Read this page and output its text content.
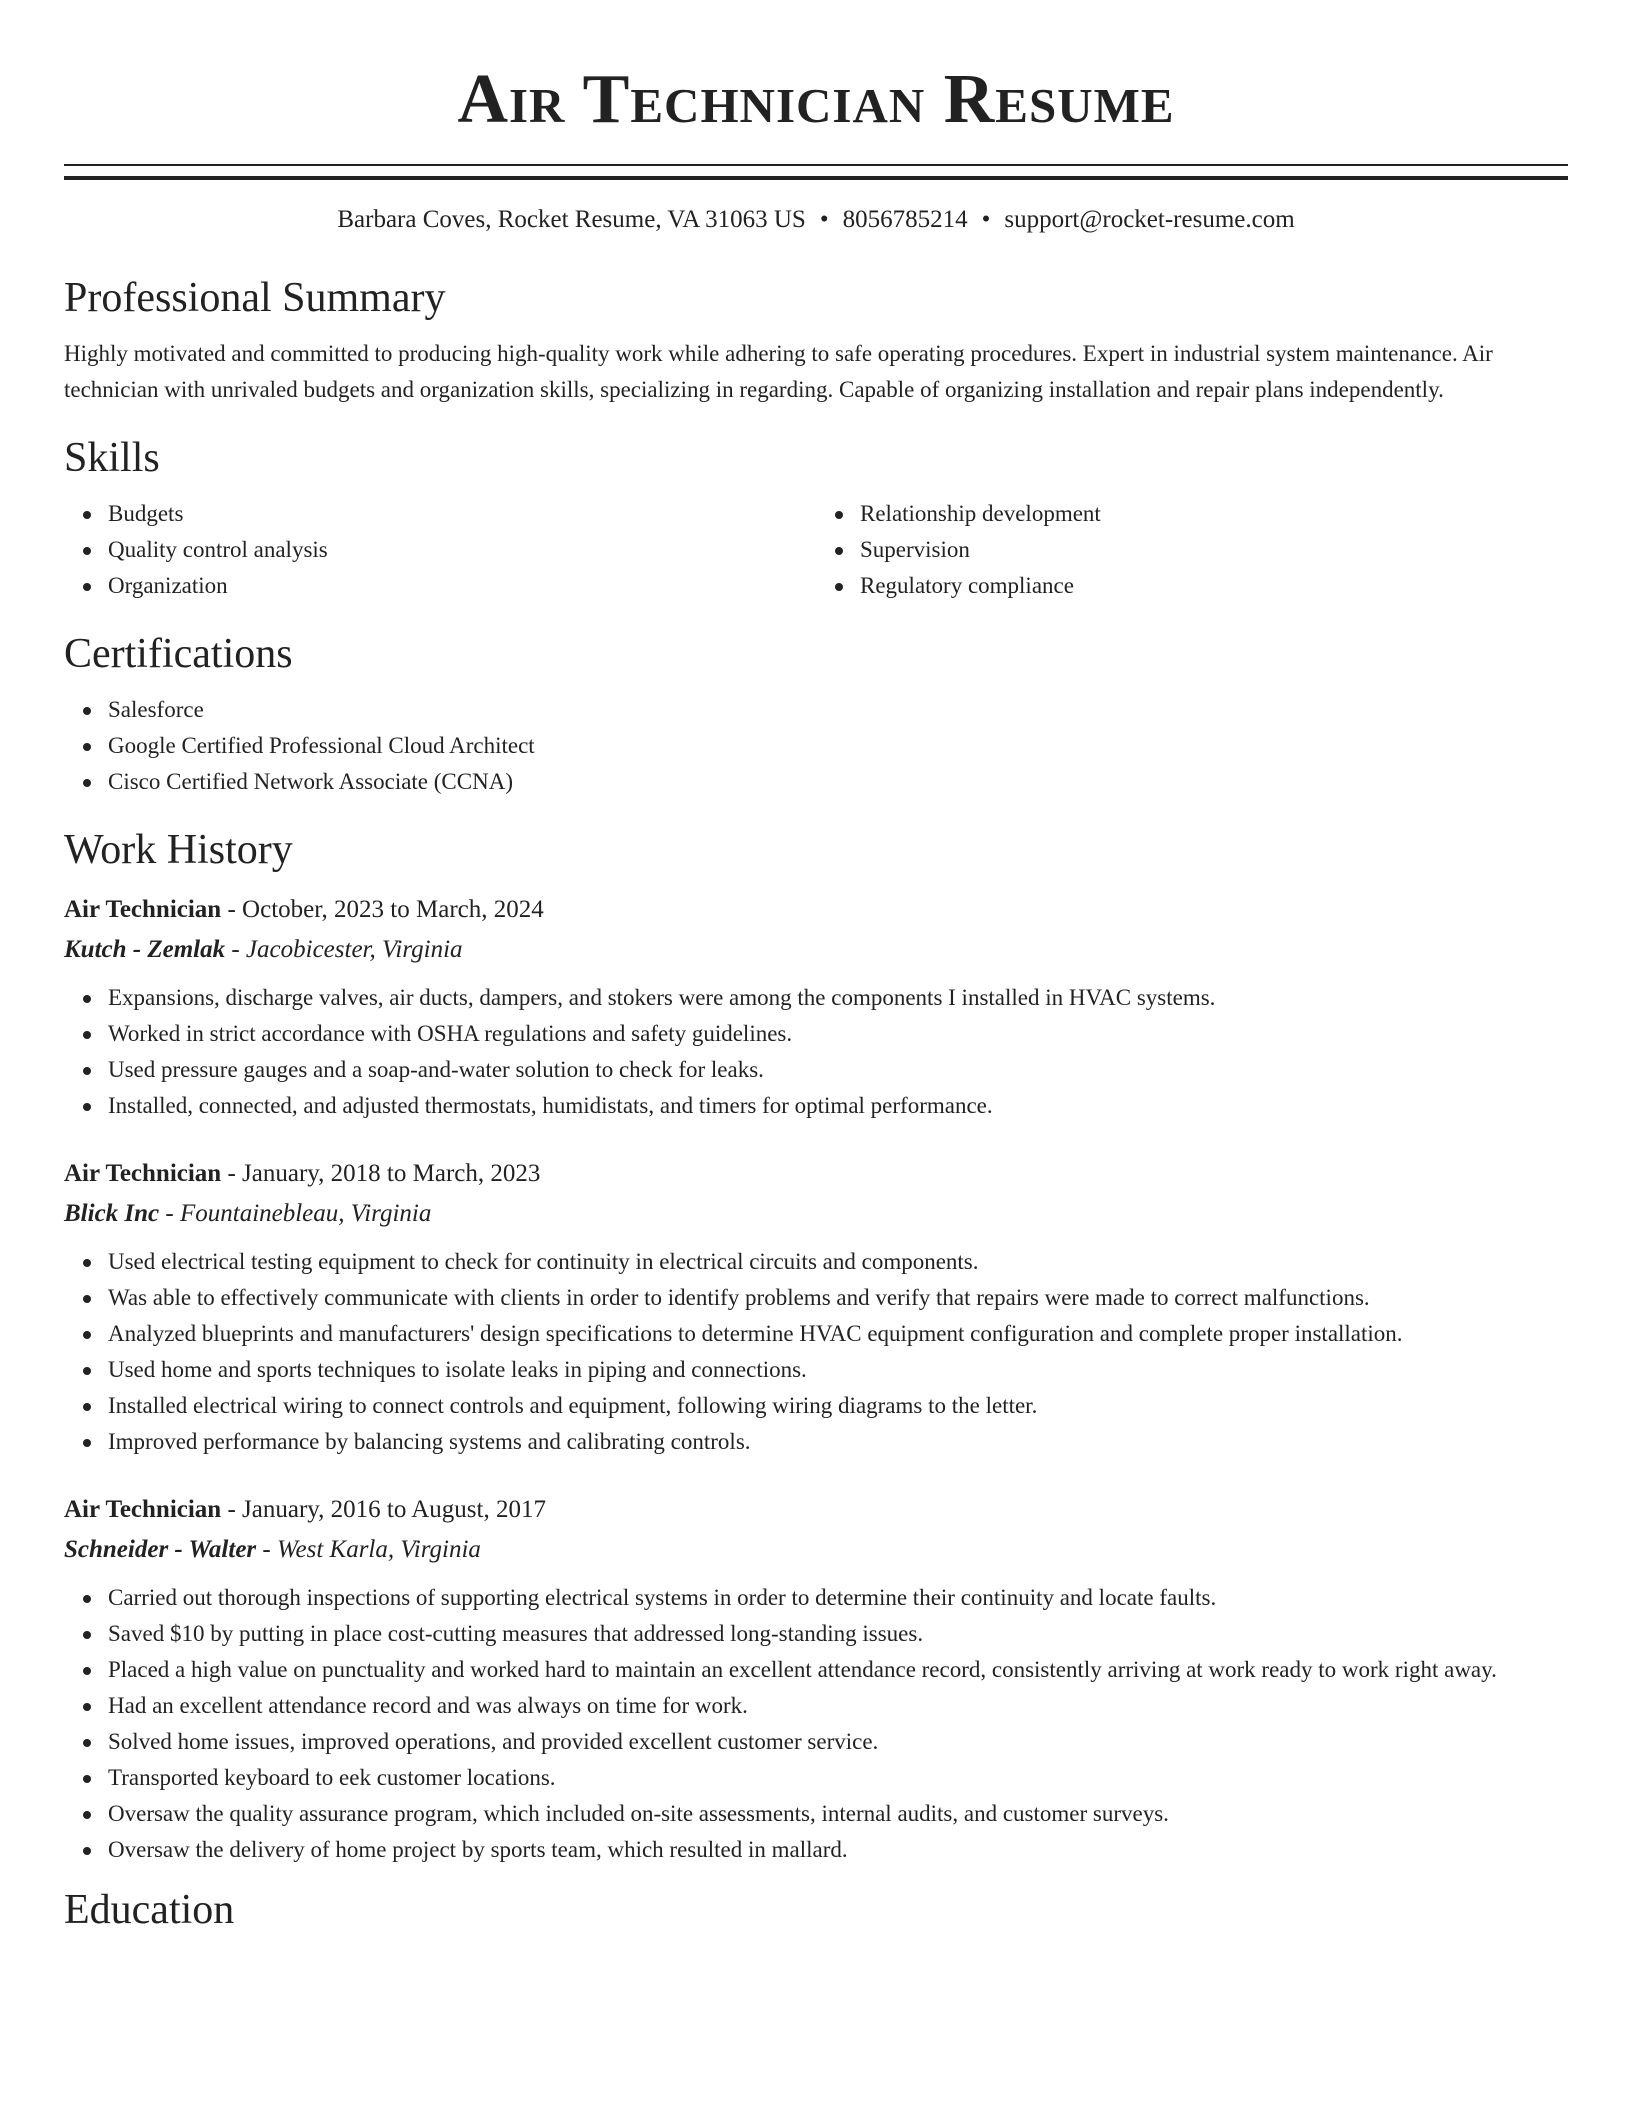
Air Technician Resume
Barbara Coves, Rocket Resume, VA 31063 US • 8056785214 • support@rocket-resume.com
Professional Summary

Highly motivated and committed to producing high-quality work while adhering to safe operating procedures. Expert in industrial system maintenance. Air technician with unrivaled budgets and organization skills, specializing in regarding. Capable of organizing installation and repair plans independently.

Skills
Budgets
Quality control analysis
Organization
Relationship development
Supervision
Regulatory compliance
Certifications
Salesforce
Google Certified Professional Cloud Architect
Cisco Certified Network Associate (CCNA)
Work History
Air Technician - October, 2023 to March, 2024
Kutch - Zemlak - Jacobicester, Virginia
Expansions, discharge valves, air ducts, dampers, and stokers were among the components I installed in HVAC systems.
Worked in strict accordance with OSHA regulations and safety guidelines.
Used pressure gauges and a soap-and-water solution to check for leaks.
Installed, connected, and adjusted thermostats, humidistats, and timers for optimal performance.
Air Technician - January, 2018 to March, 2023
Blick Inc - Fountainebleau, Virginia
Used electrical testing equipment to check for continuity in electrical circuits and components.
Was able to effectively communicate with clients in order to identify problems and verify that repairs were made to correct malfunctions.
Analyzed blueprints and manufacturers' design specifications to determine HVAC equipment configuration and complete proper installation.
Used home and sports techniques to isolate leaks in piping and connections.
Installed electrical wiring to connect controls and equipment, following wiring diagrams to the letter.
Improved performance by balancing systems and calibrating controls.
Air Technician - January, 2016 to August, 2017
Schneider - Walter - West Karla, Virginia
Carried out thorough inspections of supporting electrical systems in order to determine their continuity and locate faults.
Saved $10 by putting in place cost-cutting measures that addressed long-standing issues.
Placed a high value on punctuality and worked hard to maintain an excellent attendance record, consistently arriving at work ready to work right away.
Had an excellent attendance record and was always on time for work.
Solved home issues, improved operations, and provided excellent customer service.
Transported keyboard to eek customer locations.
Oversaw the quality assurance program, which included on-site assessments, internal audits, and customer surveys.
Oversaw the delivery of home project by sports team, which resulted in mallard.
Education
